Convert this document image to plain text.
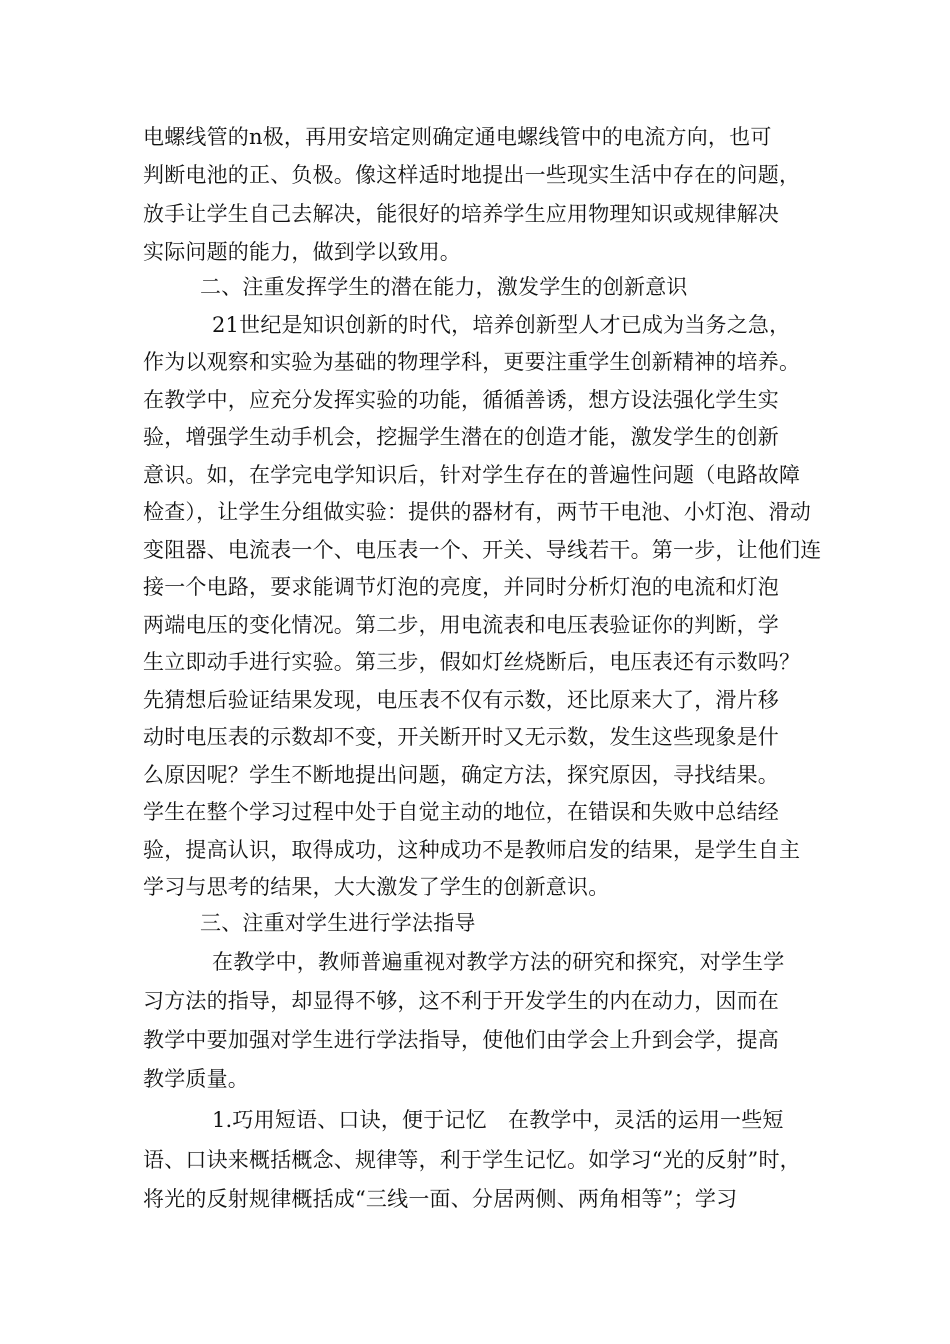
电螺线管的n极，再用安培定则确定通电螺线管中的电流方向，也可
判断电池的正、负极。像这样适时地提出一些现实生活中存在的问题，
放手让学生自己去解决，能很好的培养学生应用物理知识或规律解决
实际问题的能力，做到学以致用。
二、注重发挥学生的潜在能力，激发学生的创新意识
21世纪是知识创新的时代，培养创新型人才已成为当务之急，
作为以观察和实验为基础的物理学科，更要注重学生创新精神的培养。
在教学中，应充分发挥实验的功能，循循善诱，想方设法强化学生实
验，增强学生动手机会，挖掘学生潜在的创造才能，激发学生的创新
意识。如，在学完电学知识后，针对学生存在的普遍性问题（电路故障
检查），让学生分组做实验：提供的器材有，两节干电池、小灯泡、滑动
变阻器、电流表一个、电压表一个、开关、导线若干。第一步，让他们连
接一个电路，要求能调节灯泡的亮度，并同时分析灯泡的电流和灯泡
两端电压的变化情况。第二步，用电流表和电压表验证你的判断，学
生立即动手进行实验。第三步，假如灯丝烧断后，电压表还有示数吗？
先猜想后验证结果发现，电压表不仅有示数，还比原来大了，滑片移
动时电压表的示数却不变，开关断开时又无示数，发生这些现象是什
么原因呢？学生不断地提出问题，确定方法，探究原因，寻找结果。
学生在整个学习过程中处于自觉主动的地位，在错误和失败中总结经
验，提高认识，取得成功，这种成功不是教师启发的结果，是学生自主
学习与思考的结果，大大激发了学生的创新意识。
三、注重对学生进行学法指导
在教学中，教师普遍重视对教学方法的研究和探究，对学生学
习方法的指导，却显得不够，这不利于开发学生的内在动力，因而在
教学中要加强对学生进行学法指导，使他们由学会上升到会学，提高
教学质量。
1.巧用短语、口诀，便于记忆　在教学中，灵活的运用一些短
语、口诀来概括概念、规律等，利于学生记忆。如学习“光的反射”时，
将光的反射规律概括成“三线一面、分居两侧、两角相等”；学习
